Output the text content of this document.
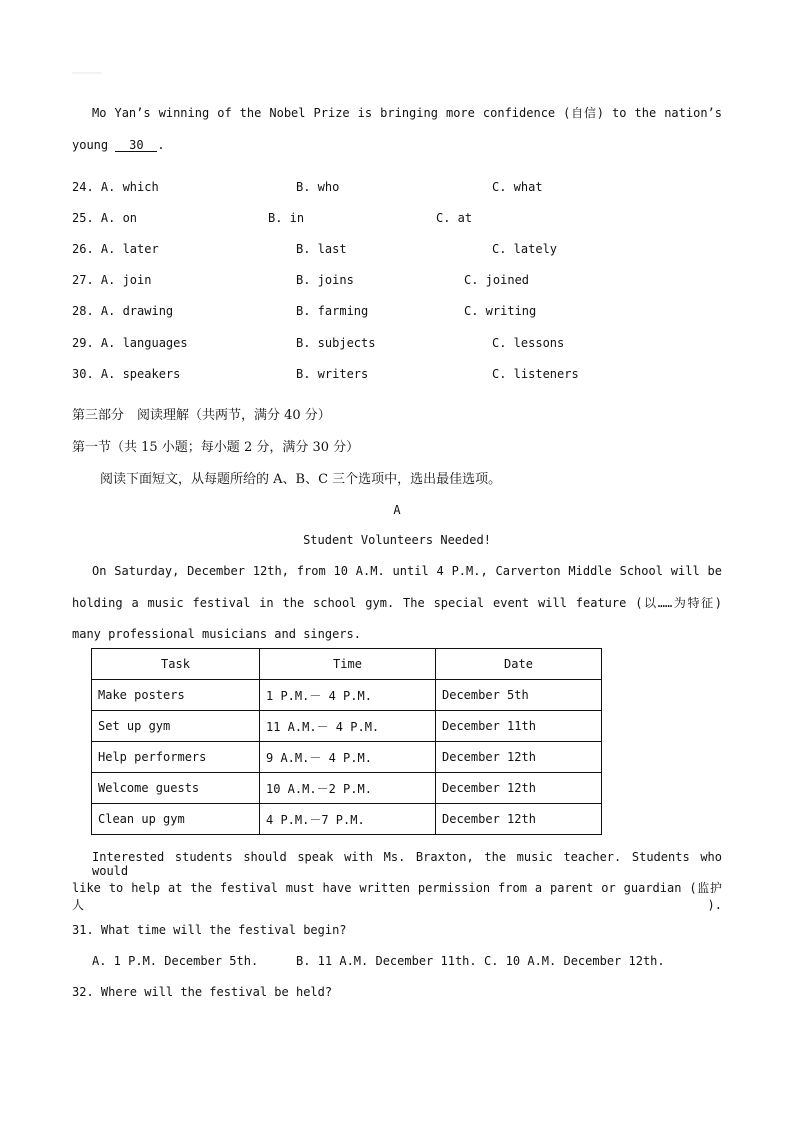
Mo Yan’s winning of the Nobel Prize is bringing more confidence (自信) to the nation’s
young 30 .
24. A. which	B. who	C. what
25. A. on	B. in	C. at
26. A. later	B. last	C. lately
27. A. join	B. joins	C. joined
28. A. drawing	B. farming	C. writing
29. A. languages	B. subjects	C. lessons
30. A. speakers	B. writers	C. listeners
第三部分　阅读理解（共两节，满分 40 分）
第一节（共 15 小题；每小题 2 分，满分 30 分）
阅读下面短文，从每题所给的 A、B、C 三个选项中，选出最佳选项。
A
Student Volunteers Needed!
On Saturday, December 12th, from 10 A.M. until 4 P.M., Carverton Middle School will be
holding a music festival in the school gym. The special event will feature (以……为特征)
many professional musicians and singers.
Task	Time	Date
Make posters	1 P.M.－ 4 P.M.	December 5th
Set up gym	11 A.M.－ 4 P.M.	December 11th
Help performers	9 A.M.－ 4 P.M.	December 12th
Welcome guests	10 A.M.－2 P.M.	December 12th
Clean up gym	4 P.M.－7 P.M.	December 12th
Interested students should speak with Ms. Braxton, the music teacher. Students who would
like to help at the festival must have written permission from a parent or guardian (监护人).
31. What time will the festival begin?
A. 1 P.M. December 5th.	B. 11 A.M. December 11th. C. 10 A.M. December 12th.
32. Where will the festival be held?
